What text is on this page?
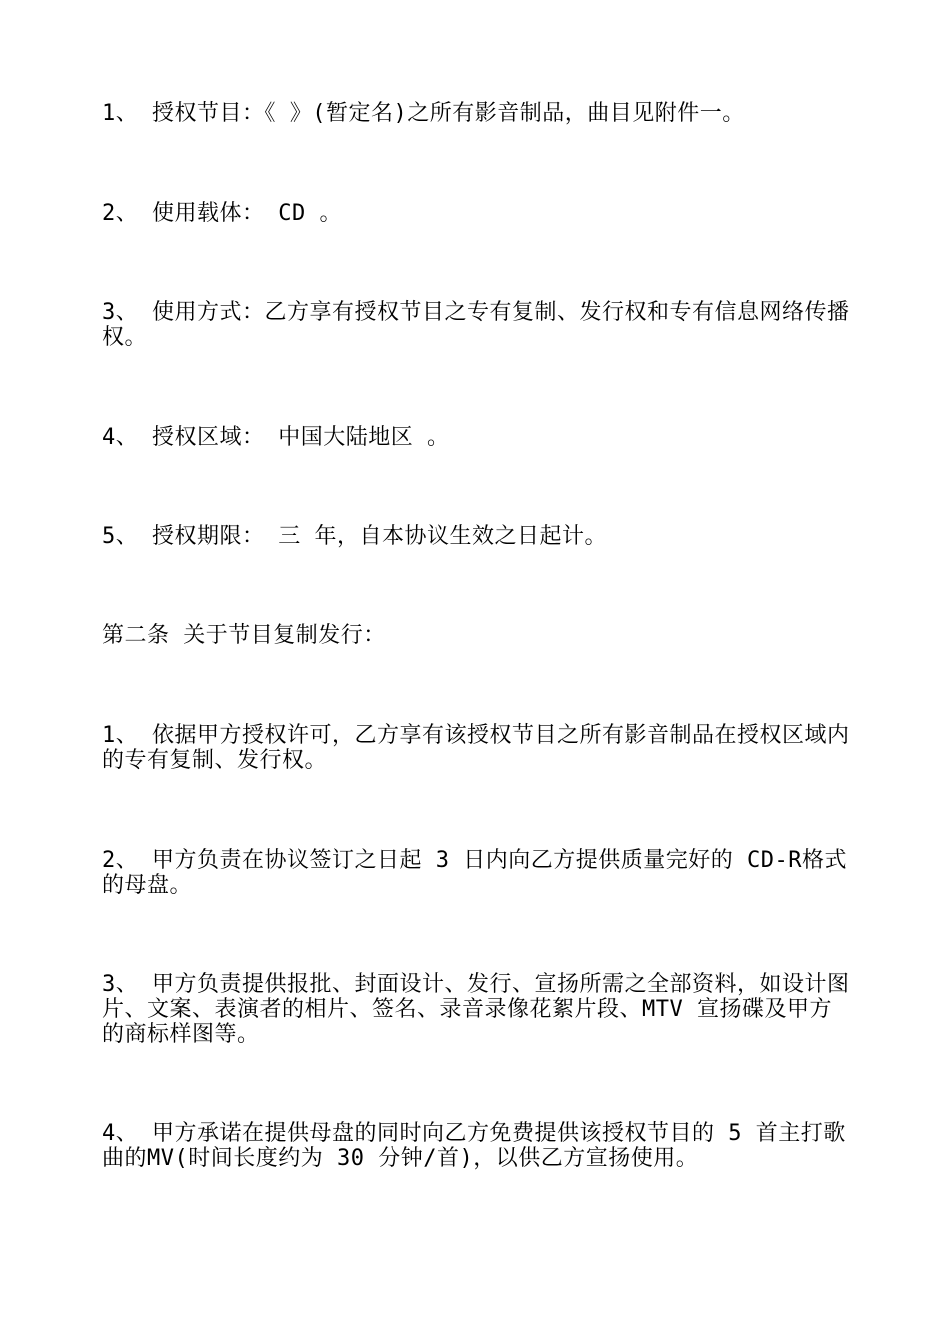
1、 授权节目：《 》(暂定名)之所有影音制品，曲目见附件一。

2、 使用载体： CD 。

3、 使用方式：乙方享有授权节目之专有复制、发行权和专有信息网络传播权。

4、 授权区域： 中国大陆地区 。

5、 授权期限： 三 年，自本协议生效之日起计。

第二条 关于节目复制发行：

1、 依据甲方授权许可，乙方享有该授权节目之所有影音制品在授权区域内的专有复制、发行权。

2、 甲方负责在协议签订之日起 3 日内向乙方提供质量完好的 CD-R格式的母盘。

3、 甲方负责提供报批、封面设计、发行、宣扬所需之全部资料，如设计图片、文案、表演者的相片、签名、录音录像花絮片段、MTV 宣扬碟及甲方的商标样图等。

4、 甲方承诺在提供母盘的同时向乙方免费提供该授权节目的 5 首主打歌曲的MV(时间长度约为 30 分钟/首)，以供乙方宣扬使用。
